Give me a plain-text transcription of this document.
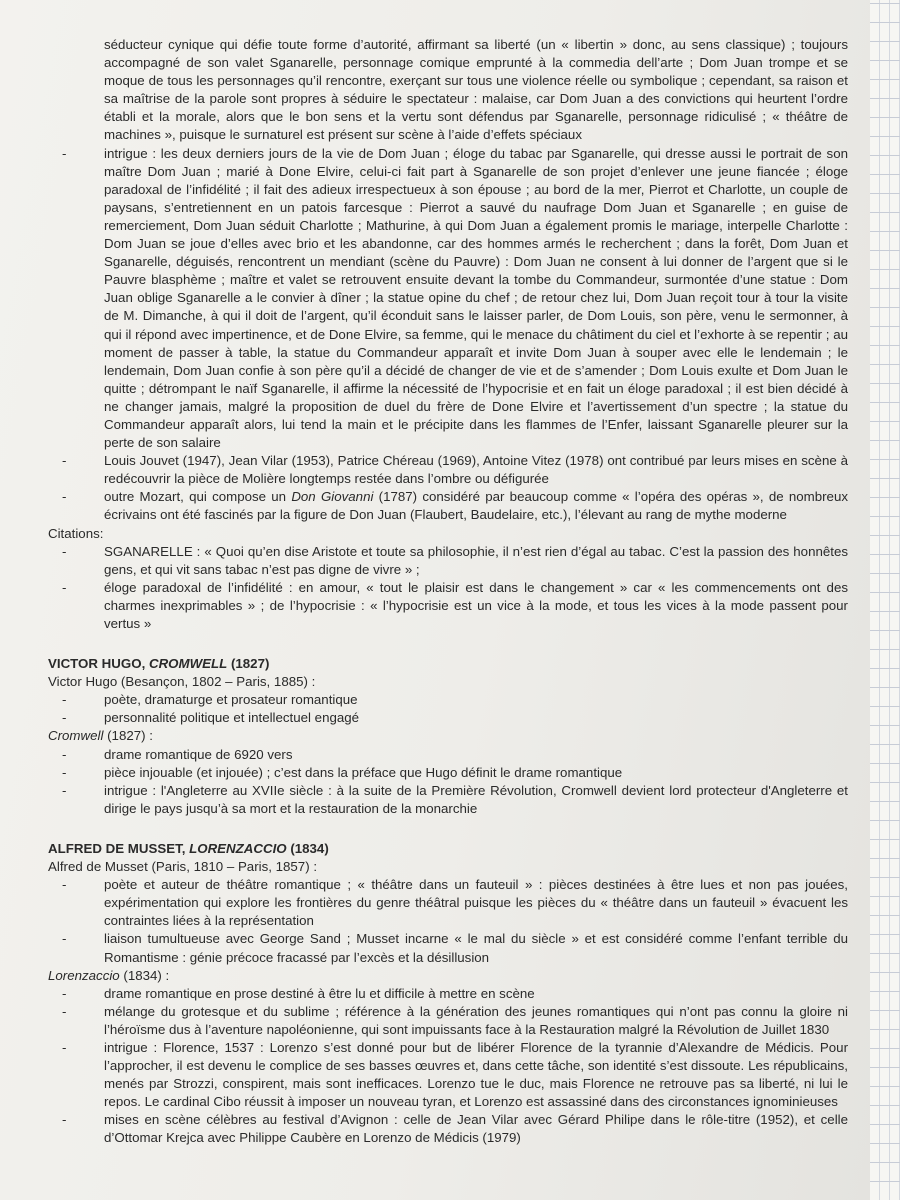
séducteur cynique qui défie toute forme d’autorité, affirmant sa liberté (un « libertin » donc, au sens classique) ; toujours accompagné de son valet Sganarelle, personnage comique emprunté à la commedia dell’arte ; Dom Juan trompe et se moque de tous les personnages qu’il rencontre, exerçant sur tous une violence réelle ou symbolique ; cependant, sa raison et sa maîtrise de la parole sont propres à séduire le spectateur : malaise, car Dom Juan a des convictions qui heurtent l’ordre établi et la morale, alors que le bon sens et la vertu sont défendus par Sganarelle, personnage ridiculisé ; « théâtre de machines », puisque le surnaturel est présent sur scène à l’aide d’effets spéciaux
-	intrigue : les deux derniers jours de la vie de Dom Juan ; éloge du tabac par Sganarelle, qui dresse aussi le portrait de son maître Dom Juan ; marié à Done Elvire, celui-ci fait part à Sganarelle de son projet d’enlever une jeune fiancée ; éloge paradoxal de l’infidélité ; il fait des adieux irrespectueux à son épouse ; au bord de la mer, Pierrot et Charlotte, un couple de paysans, s’entretiennent en un patois farcesque : Pierrot a sauvé du naufrage Dom Juan et Sganarelle ; en guise de remerciement, Dom Juan séduit Charlotte ; Mathurine, à qui Dom Juan a également promis le mariage, interpelle Charlotte : Dom Juan se joue d’elles avec brio et les abandonne, car des hommes armés le recherchent ; dans la forêt, Dom Juan et Sganarelle, déguisés, rencontrent un mendiant (scène du Pauvre) : Dom Juan ne consent à lui donner de l’argent que si le Pauvre blasphème ; maître et valet se retrouvent ensuite devant la tombe du Commandeur, surmontée d’une statue : Dom Juan oblige Sganarelle a le convier à dîner ; la statue opine du chef ; de retour chez lui, Dom Juan reçoit tour à tour la visite de M. Dimanche, à qui il doit de l’argent, qu’il éconduit sans le laisser parler, de Dom Louis, son père, venu le sermonner, à qui il répond avec impertinence, et de Done Elvire, sa femme, qui le menace du châtiment du ciel et l’exhorte à se repentir ; au moment de passer à table, la statue du Commandeur apparaît et invite Dom Juan à souper avec elle le lendemain ; le lendemain, Dom Juan confie à son père qu’il a décidé de changer de vie et de s’amender ; Dom Louis exulte et Dom Juan le quitte ; détrompant le naïf Sganarelle, il affirme la nécessité de l’hypocrisie et en fait un éloge paradoxal ; il est bien décidé à ne changer jamais, malgré la proposition de duel du frère de Done Elvire et l’avertissement d’un spectre ; la statue du Commandeur apparaît alors, lui tend la main et le précipite dans les flammes de l’Enfer, laissant Sganarelle pleurer sur la perte de son salaire
-	Louis Jouvet (1947), Jean Vilar (1953), Patrice Chéreau (1969), Antoine Vitez (1978) ont contribué par leurs mises en scène à redécouvrir la pièce de Molière longtemps restée dans l’ombre ou défigurée
-	outre Mozart, qui compose un Don Giovanni (1787) considéré par beaucoup comme « l’opéra des opéras », de nombreux écrivains ont été fascinés par la figure de Don Juan (Flaubert, Baudelaire, etc.), l’élevant au rang de mythe moderne
Citations:
-	SGANARELLE : « Quoi qu’en dise Aristote et toute sa philosophie, il n’est rien d’égal au tabac. C’est la passion des honnêtes gens, et qui vit sans tabac n’est pas digne de vivre » ;
-	éloge paradoxal de l’infidélité : en amour, « tout le plaisir est dans le changement » car « les commencements ont des charmes inexprimables » ; de l’hypocrisie : « l’hypocrisie est un vice à la mode, et tous les vices à la mode passent pour vertus »
VICTOR HUGO, CROMWELL (1827)
Victor Hugo (Besançon, 1802 – Paris, 1885) :
-	poète, dramaturge et prosateur romantique
-	personnalité politique et intellectuel engagé
Cromwell (1827) :
-	drame romantique de 6920 vers
-	pièce injouable (et injouée) ; c’est dans la préface que Hugo définit le drame romantique
-	intrigue : l'Angleterre au XVIIe siècle : à la suite de la Première Révolution, Cromwell devient lord protecteur d'Angleterre et dirige le pays jusqu’à sa mort et la restauration de la monarchie
ALFRED DE MUSSET, LORENZACCIO (1834)
Alfred de Musset (Paris, 1810 – Paris, 1857) :
-	poète et auteur de théâtre romantique ; « théâtre dans un fauteuil » : pièces destinées à être lues et non pas jouées, expérimentation qui explore les frontières du genre théâtral puisque les pièces du « théâtre dans un fauteuil » évacuent les contraintes liées à la représentation
-	liaison tumultueuse avec George Sand ; Musset incarne « le mal du siècle » et est considéré comme l’enfant terrible du Romantisme : génie précoce fracassé par l’excès et la désillusion
Lorenzaccio (1834) :
-	drame romantique en prose destiné à être lu et difficile à mettre en scène
-	mélange du grotesque et du sublime ; référence à la génération des jeunes romantiques qui n’ont pas connu la gloire ni l’héroïsme dus à l’aventure napoléonienne, qui sont impuissants face à la Restauration malgré la Révolution de Juillet 1830
-	intrigue : Florence, 1537 : Lorenzo s’est donné pour but de libérer Florence de la tyrannie d’Alexandre de Médicis. Pour l’approcher, il est devenu le complice de ses basses œuvres et, dans cette tâche, son identité s’est dissoute. Les républicains, menés par Strozzi, conspirent, mais sont inefficaces. Lorenzo tue le duc, mais Florence ne retrouve pas sa liberté, ni lui le repos. Le cardinal Cibo réussit à imposer un nouveau tyran, et Lorenzo est assassiné dans des circonstances ignominieuses
-	mises en scène célèbres au festival d’Avignon : celle de Jean Vilar avec Gérard Philipe dans le rôle-titre (1952), et celle d’Ottomar Krejca avec Philippe Caubère en Lorenzo de Médicis (1979)
